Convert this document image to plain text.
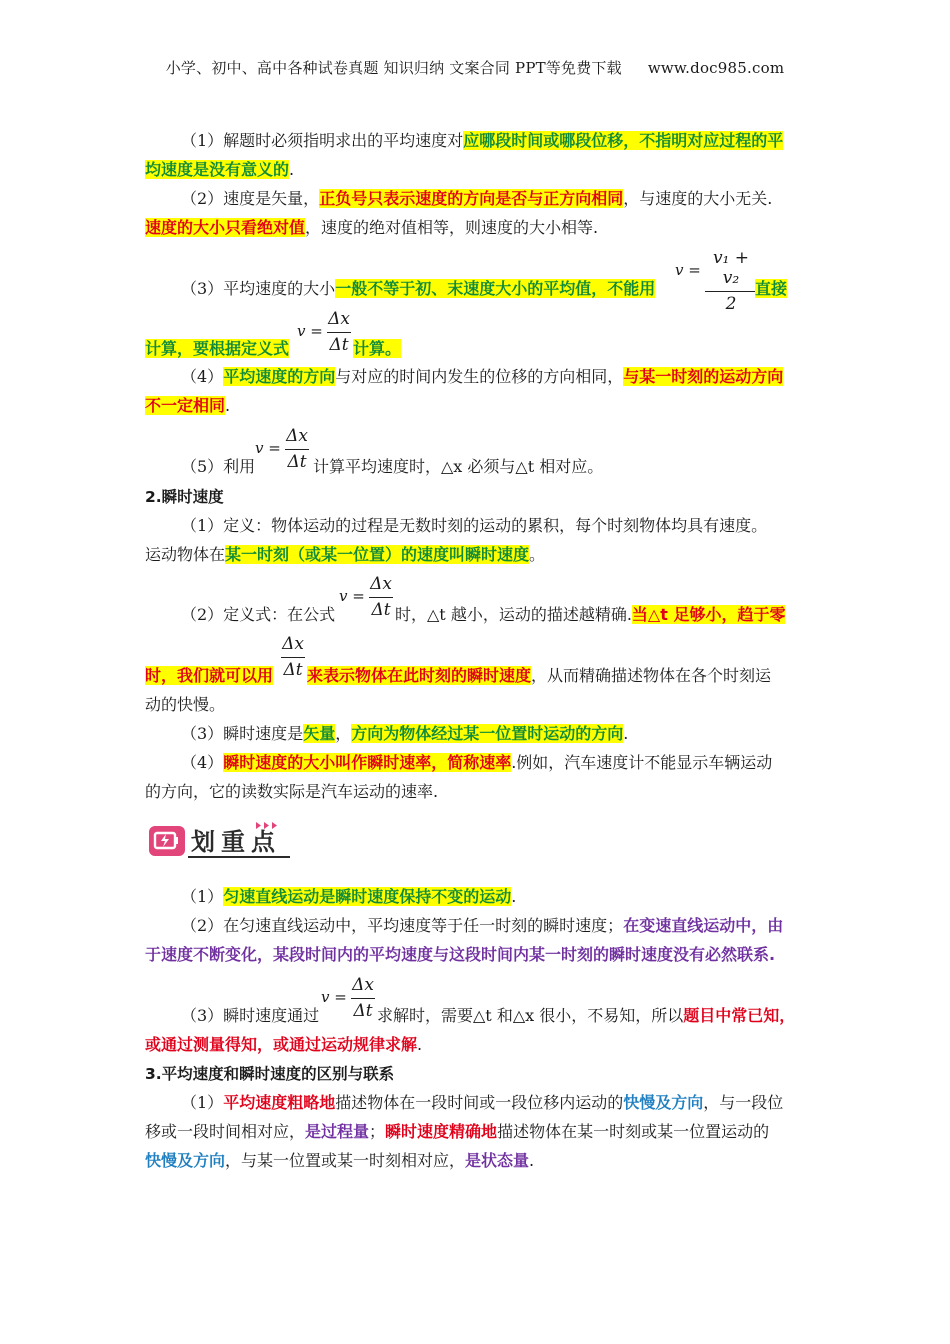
小学、初中、高中各种试卷真题 知识归纳 文案合同 PPT等免费下载 www.doc985.com
（1）解题时必须指明求出的平均速度对应哪段时间或哪段位移，不指明对应过程的平
均速度是没有意义的.
（2）速度是矢量，正负号只表示速度的方向是否与正方向相同，与速度的大小无关.
速度的大小只看绝对值，速度的绝对值相等，则速度的大小相等.
（3）平均速度的大小一般不等于初、末速度大小的平均值，不能用
v =
v₁ + v₂
2
直接
v =
Δx
Δt
计算，要根据定义式	计算。
（4）平均速度的方向与对应的时间内发生的位移的方向相同，与某一时刻的运动方向
不一定相同.
（5）利用
v =
Δx
Δt 计算平均速度时，△x 必须与△t 相对应。
2.瞬时速度
（1）定义：物体运动的过程是无数时刻的运动的累积，每个时刻物体均具有速度。
运动物体在某一时刻（或某一位置）的速度叫瞬时速度。
（2）定义式：在公式
v =
Δx
Δt 时，△t 越小，运动的描述越精确.当△t 足够小，趋于零
时，我们就可以用
Δx
Δt 来表示物体在此时刻的瞬时速度，从而精确描述物体在各个时刻运
动的快慢。
（3）瞬时速度是矢量，方向为物体经过某一位置时运动的方向.
（4）瞬时速度的大小叫作瞬时速率，简称速率.例如，汽车速度计不能显示车辆运动
的方向，它的读数实际是汽车运动的速率.
（1）匀速直线运动是瞬时速度保持不变的运动.
（2）在匀速直线运动中，平均速度等于任一时刻的瞬时速度；在变速直线运动中，由
于速度不断变化，某段时间内的平均速度与这段时间内某一时刻的瞬时速度没有必然联系.
（3）瞬时速度通过
v =
Δx
Δt 求解时，需要△t 和△x 很小，不易知，所以题目中常已知，
或通过测量得知，或通过运动规律求解.
3.平均速度和瞬时速度的区别与联系
（1）平均速度粗略地描述物体在一段时间或一段位移内运动的快慢及方向，与一段位
移或一段时间相对应，是过程量；瞬时速度精确地描述物体在某一时刻或某一位置运动的
快慢及方向，与某一位置或某一时刻相对应，是状态量.
划重点
